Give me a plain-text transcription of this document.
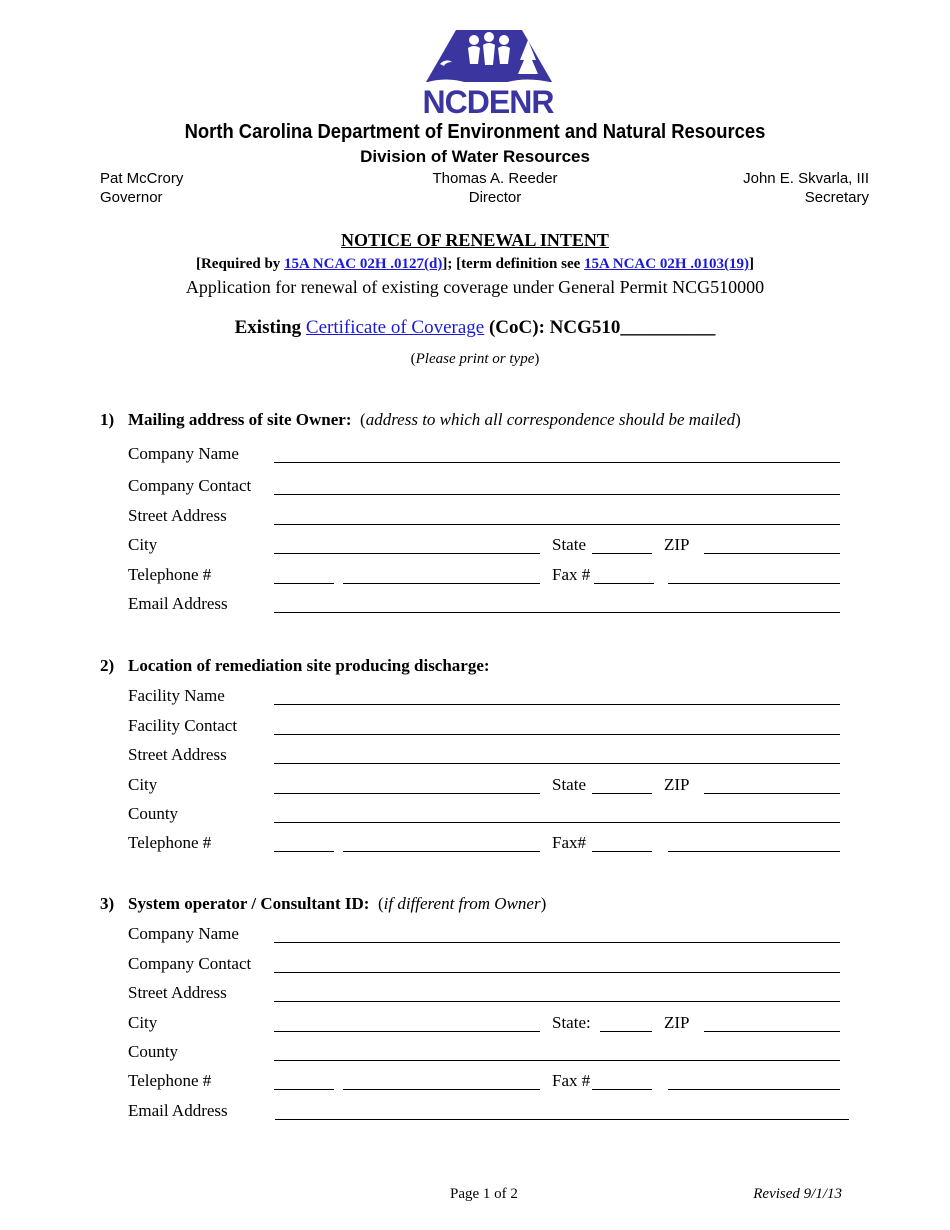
NCDENR
North Carolina Department of Environment and Natural Resources
Division of Water Resources
Pat McCrory
Governor
Thomas A. Reeder
Director
John E. Skvarla, III
Secretary
NOTICE OF RENEWAL INTENT
[Required by 15A NCAC 02H .0127(d)]; [term definition see 15A NCAC 02H .0103(19)]
Application for renewal of existing coverage under General Permit NCG510000
Existing Certificate of Coverage (CoC): NCG510__________
(Please print or type)
1) Mailing address of site Owner:  (address to which all correspondence should be mailed)
Company Name
Company Contact
Street Address
City	State	ZIP
Telephone #	Fax #
Email Address
2) Location of remediation site producing discharge:
Facility Name
Facility Contact
Street Address
City	State	ZIP
County
Telephone #	Fax#
3) System operator / Consultant ID:  (if different from Owner)
Company Name
Company Contact
Street Address
City	State:	ZIP
County
Telephone #	Fax #
Email Address
Page 1 of 2	Revised 9/1/13
